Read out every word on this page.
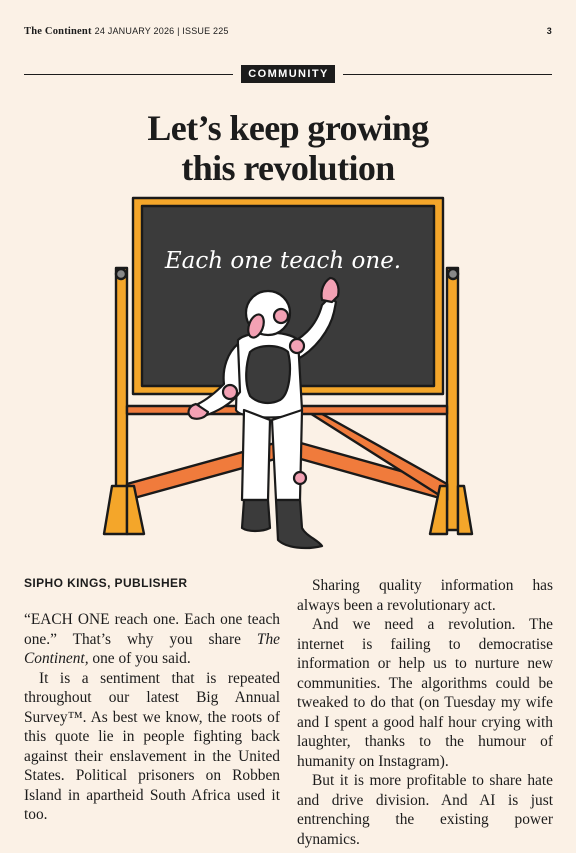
The Continent 24 JANUARY 2026 | ISSUE 225	3
COMMUNITY
Let’s keep growing
this revolution
Each one teach one.
SIPHO KINGS, PUBLISHER

“EACH ONE reach one. Each one teach one.” That’s why you share The Continent, one of you said.

It is a sentiment that is repeated throughout our latest Big Annual Survey™. As best we know, the roots of this quote lie in people fighting back against their enslavement in the United States. Political prisoners on Robben Island in apartheid South Africa used it too.

Sharing quality information has always been a revolutionary act.

And we need a revolution. The internet is failing to democratise information or help us to nurture new communities. The algorithms could be tweaked to do that (on Tuesday my wife and I spent a good half hour crying with laughter, thanks to the humour of humanity on Instagram).

But it is more profitable to share hate and drive division. And AI is just entrenching the existing power dynamics.
